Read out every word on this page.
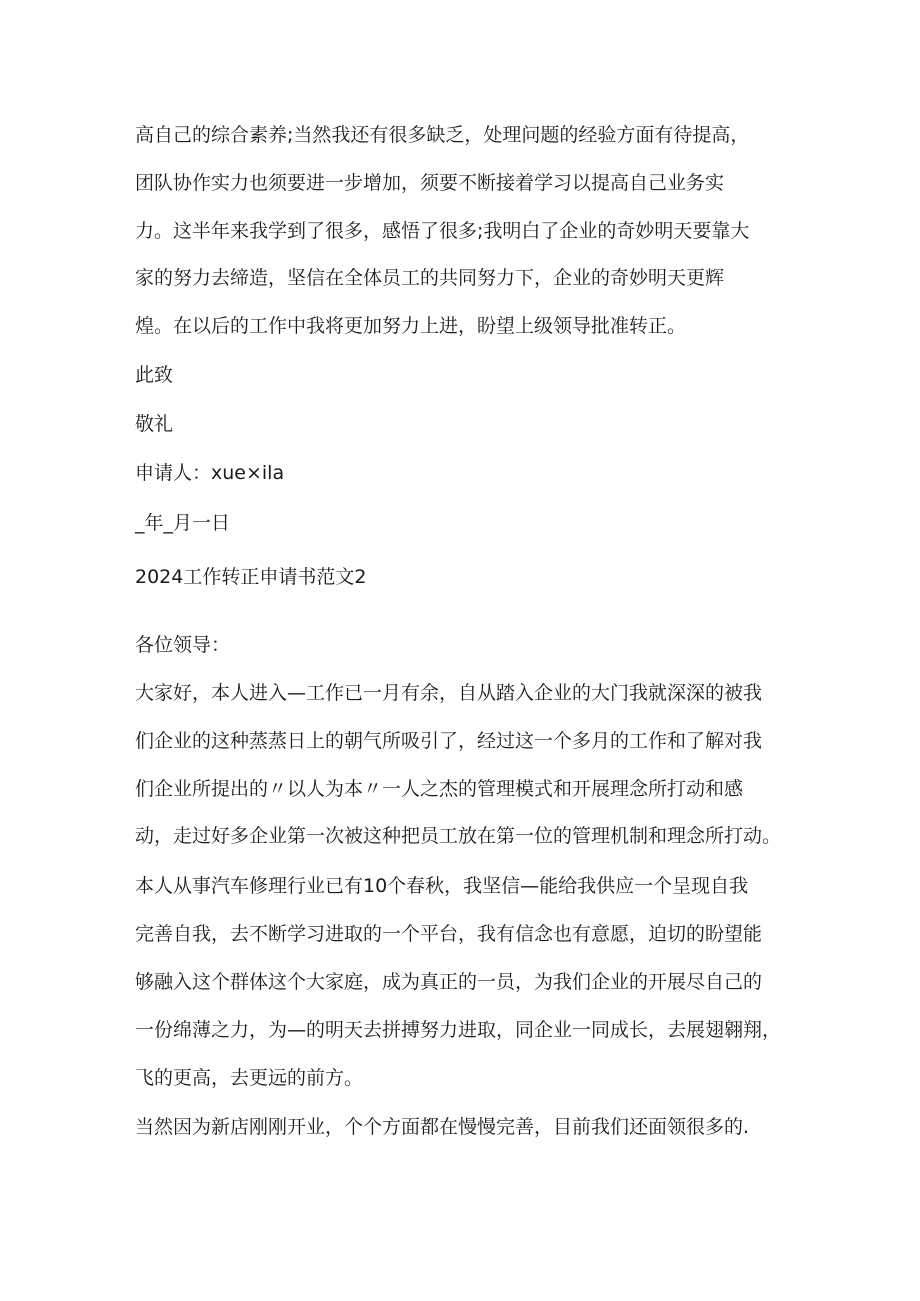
高自己的综合素养;当然我还有很多缺乏，处理问题的经验方面有待提高，

团队协作实力也须要进一步增加，须要不断接着学习以提高自己业务实

力。这半年来我学到了很多，感悟了很多;我明白了企业的奇妙明天要靠大

家的努力去缔造，坚信在全体员工的共同努力下，企业的奇妙明天更辉

煌。在以后的工作中我将更加努力上进，盼望上级领导批准转正。

此致

敬礼

申请人：xue×ila

_年_月一日

2024工作转正申请书范文2

各位领导：

大家好，本人进入—工作已一月有余，自从踏入企业的大门我就深深的被我

们企业的这种蒸蒸日上的朝气所吸引了，经过这一个多月的工作和了解对我

们企业所提出的〃以人为本〃一人之杰的管理模式和开展理念所打动和感

动，走过好多企业第一次被这种把员工放在第一位的管理机制和理念所打动。

本人从事汽车修理行业已有10个春秋，我坚信—能给我供应一个呈现自我

完善自我，去不断学习进取的一个平台，我有信念也有意愿，迫切的盼望能

够融入这个群体这个大家庭，成为真正的一员，为我们企业的开展尽自己的

一份绵薄之力，为—的明天去拼搏努力进取，同企业一同成长，去展翅翱翔，

飞的更高，去更远的前方。

当然因为新店刚刚开业，个个方面都在慢慢完善，目前我们还面领很多的.
